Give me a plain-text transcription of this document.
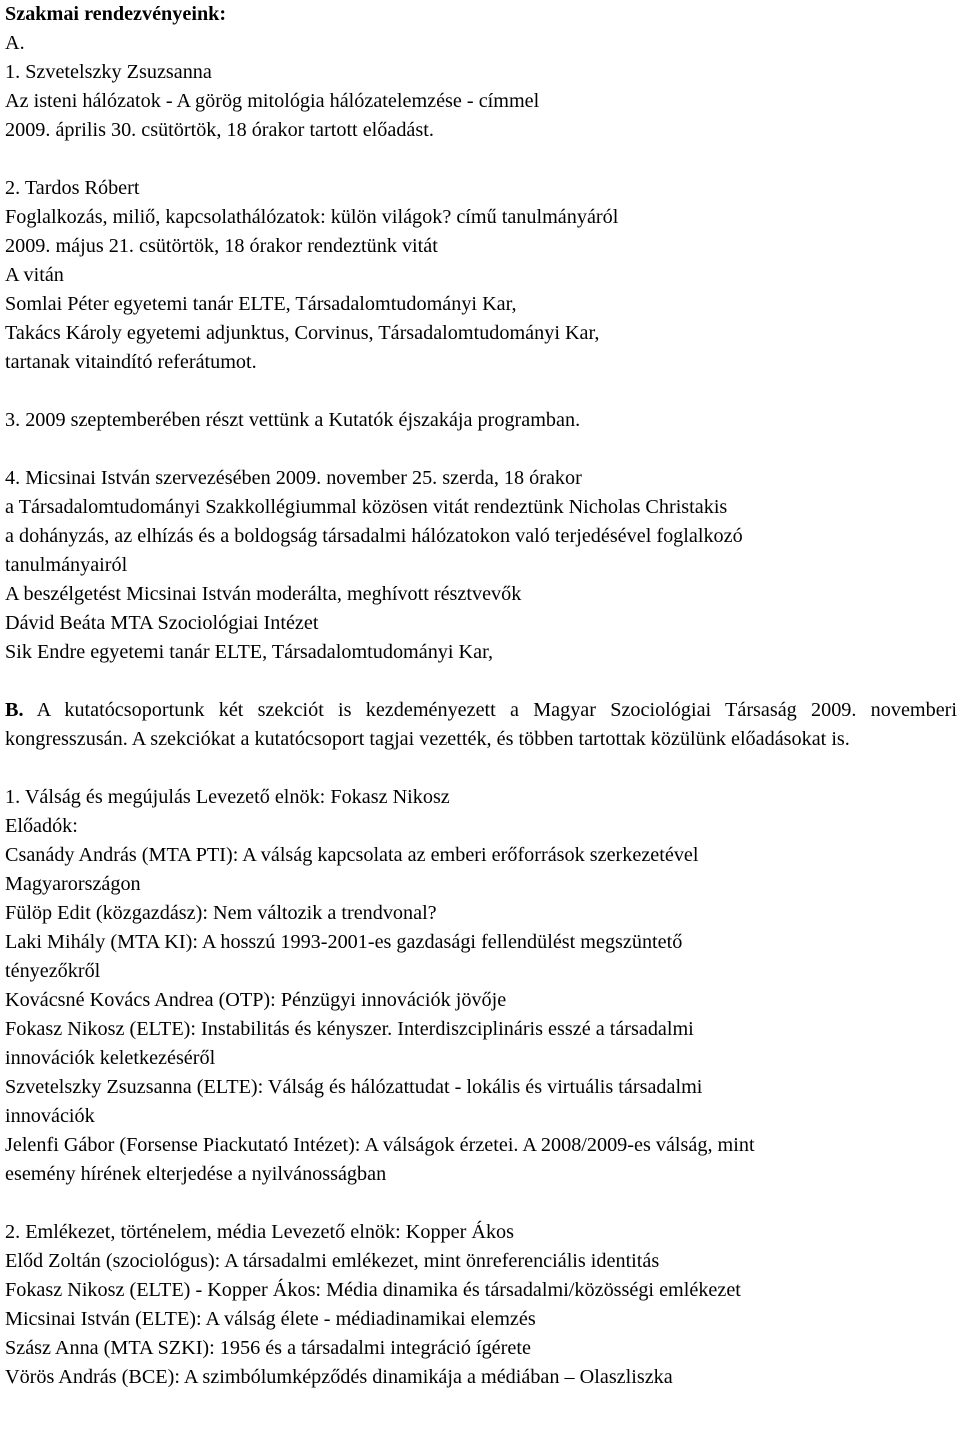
Szakmai rendezvényeink:
A.
1. Szvetelszky Zsuzsanna
Az isteni hálózatok - A görög mitológia hálózatelemzése - címmel
2009. április 30. csütörtök, 18 órakor tartott előadást.
2. Tardos Róbert
Foglalkozás, miliő, kapcsolathálózatok: külön világok? című tanulmányáról
2009. május 21. csütörtök, 18 órakor rendeztünk vitát
A vitán
Somlai Péter egyetemi tanár ELTE, Társadalomtudományi Kar,
Takács Károly egyetemi adjunktus, Corvinus, Társadalomtudományi Kar,
tartanak vitaindító referátumot.
3. 2009 szeptemberében részt vettünk a Kutatók éjszakája programban.
4. Micsinai István szervezésében 2009. november 25. szerda, 18 órakor
a Társadalomtudományi Szakkollégiummal közösen vitát rendeztünk Nicholas Christakis
a dohányzás, az elhízás és a boldogság társadalmi hálózatokon való terjedésével foglalkozó
tanulmányairól
A beszélgetést Micsinai István moderálta, meghívott résztvevők
Dávid Beáta MTA Szociológiai Intézet
Sik Endre egyetemi tanár ELTE, Társadalomtudományi Kar,
B. A kutatócsoportunk két szekciót is kezdeményezett a Magyar Szociológiai Társaság 2009. novemberi kongresszusán. A szekciókat a kutatócsoport tagjai vezették, és többen tartottak közülünk előadásokat is.
1. Válság és megújulás Levezető elnök: Fokasz Nikosz
Előadók:
Csanády András (MTA PTI): A válság kapcsolata az emberi erőforrások szerkezetével
Magyarországon
Fülöp Edit (közgazdász): Nem változik a trendvonal?
Laki Mihály (MTA KI): A hosszú 1993-2001-es gazdasági fellendülést megszüntető
tényezőkről
Kovácsné Kovács Andrea (OTP): Pénzügyi innovációk jövője
Fokasz Nikosz (ELTE): Instabilitás és kényszer. Interdiszciplináris esszé a társadalmi
innovációk keletkezéséről
Szvetelszky Zsuzsanna (ELTE): Válság és hálózattudat - lokális és virtuális társadalmi
innovációk
Jelenfi Gábor (Forsense Piackutató Intézet): A válságok érzetei. A 2008/2009-es válság, mint
esemény hírének elterjedése a nyilvánosságban
2. Emlékezet, történelem, média Levezető elnök: Kopper Ákos
Előd Zoltán (szociológus): A társadalmi emlékezet, mint önreferenciális identitás
Fokasz Nikosz (ELTE) - Kopper Ákos: Média dinamika és társadalmi/közösségi emlékezet
Micsinai István (ELTE): A válság élete - médiadinamikai elemzés
Szász Anna (MTA SZKI): 1956 és a társadalmi integráció ígérete
Vörös András (BCE): A szimbólumképződés dinamikája a médiában – Olaszliszka
